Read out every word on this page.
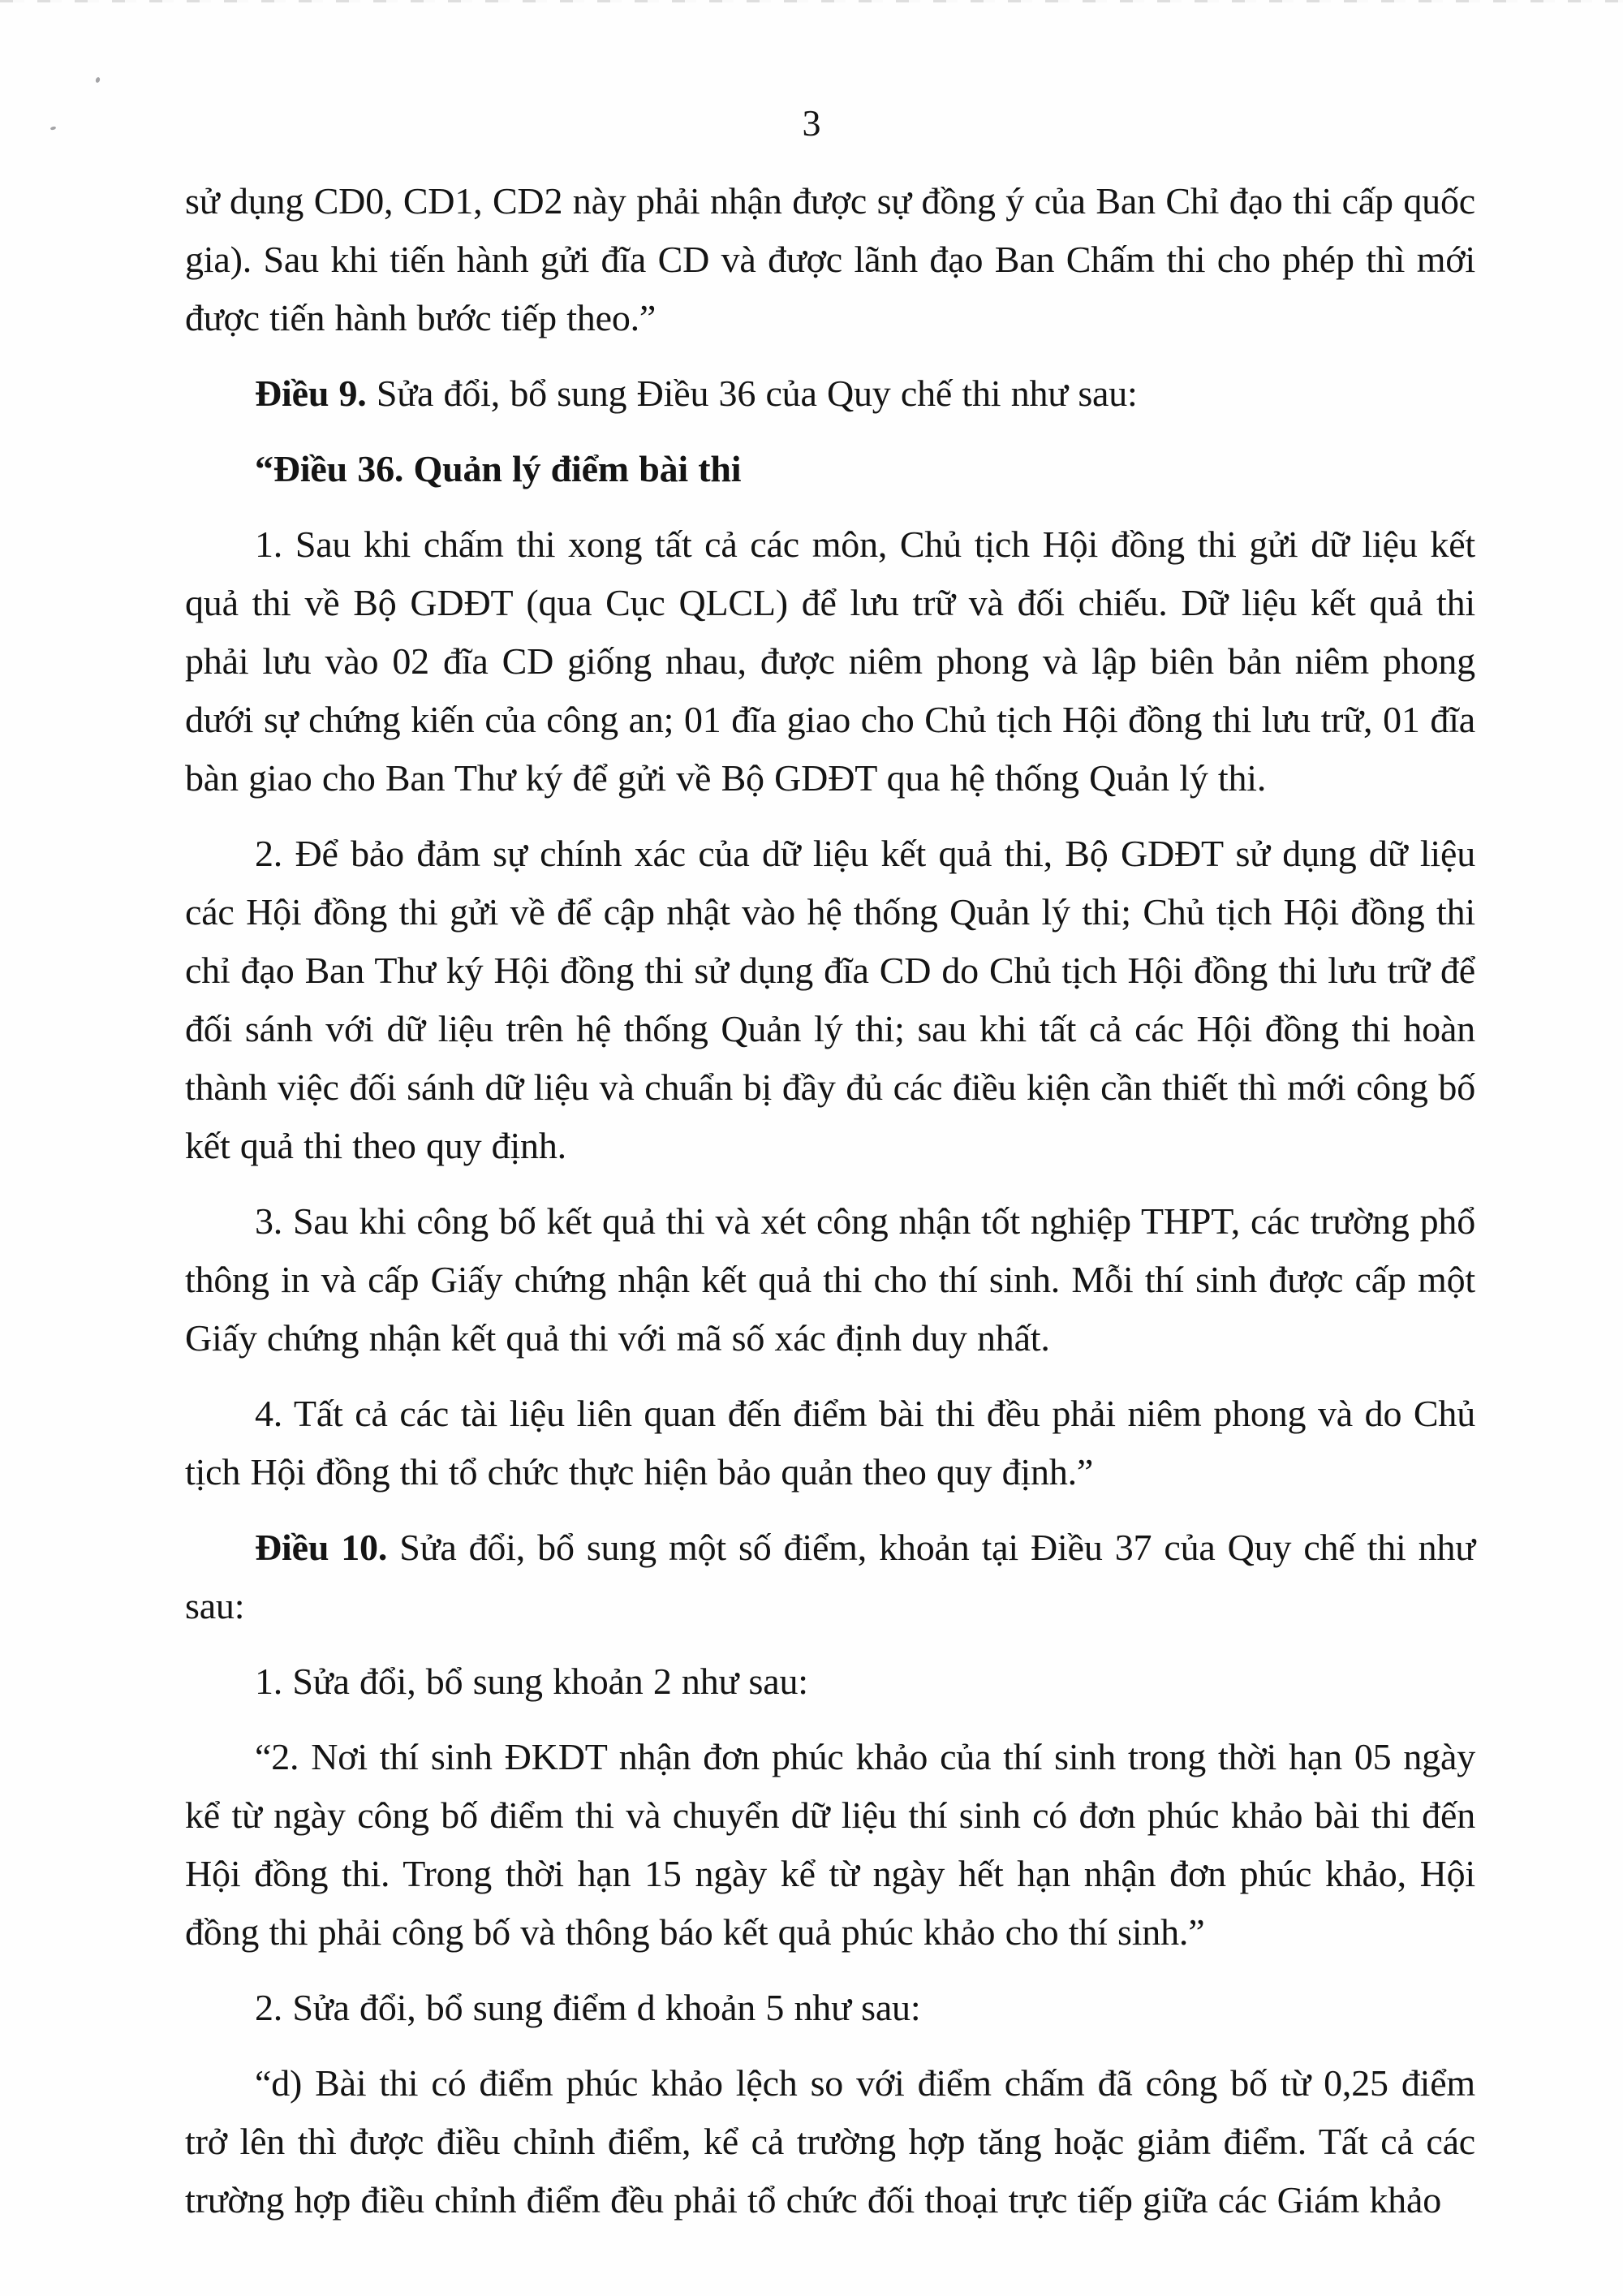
3

sử dụng CD0, CD1, CD2 này phải nhận được sự đồng ý của Ban Chỉ đạo thi cấp quốc gia). Sau khi tiến hành gửi đĩa CD và được lãnh đạo Ban Chấm thi cho phép thì mới được tiến hành bước tiếp theo.”

Điều 9. Sửa đổi, bổ sung Điều 36 của Quy chế thi như sau:

“Điều 36. Quản lý điểm bài thi

1. Sau khi chấm thi xong tất cả các môn, Chủ tịch Hội đồng thi gửi dữ liệu kết quả thi về Bộ GDĐT (qua Cục QLCL) để lưu trữ và đối chiếu. Dữ liệu kết quả thi phải lưu vào 02 đĩa CD giống nhau, được niêm phong và lập biên bản niêm phong dưới sự chứng kiến của công an; 01 đĩa giao cho Chủ tịch Hội đồng thi lưu trữ, 01 đĩa bàn giao cho Ban Thư ký để gửi về Bộ GDĐT qua hệ thống Quản lý thi.

2. Để bảo đảm sự chính xác của dữ liệu kết quả thi, Bộ GDĐT sử dụng dữ liệu các Hội đồng thi gửi về để cập nhật vào hệ thống Quản lý thi; Chủ tịch Hội đồng thi chỉ đạo Ban Thư ký Hội đồng thi sử dụng đĩa CD do Chủ tịch Hội đồng thi lưu trữ để đối sánh với dữ liệu trên hệ thống Quản lý thi; sau khi tất cả các Hội đồng thi hoàn thành việc đối sánh dữ liệu và chuẩn bị đầy đủ các điều kiện cần thiết thì mới công bố kết quả thi theo quy định.

3. Sau khi công bố kết quả thi và xét công nhận tốt nghiệp THPT, các trường phổ thông in và cấp Giấy chứng nhận kết quả thi cho thí sinh. Mỗi thí sinh được cấp một Giấy chứng nhận kết quả thi với mã số xác định duy nhất.

4. Tất cả các tài liệu liên quan đến điểm bài thi đều phải niêm phong và do Chủ tịch Hội đồng thi tổ chức thực hiện bảo quản theo quy định.”

Điều 10. Sửa đổi, bổ sung một số điểm, khoản tại Điều 37 của Quy chế thi như sau:

1. Sửa đổi, bổ sung khoản 2 như sau:

“2. Nơi thí sinh ĐKDT nhận đơn phúc khảo của thí sinh trong thời hạn 05 ngày kể từ ngày công bố điểm thi và chuyển dữ liệu thí sinh có đơn phúc khảo bài thi đến Hội đồng thi. Trong thời hạn 15 ngày kể từ ngày hết hạn nhận đơn phúc khảo, Hội đồng thi phải công bố và thông báo kết quả phúc khảo cho thí sinh.”

2. Sửa đổi, bổ sung điểm d khoản 5 như sau:

“d) Bài thi có điểm phúc khảo lệch so với điểm chấm đã công bố từ 0,25 điểm trở lên thì được điều chỉnh điểm, kể cả trường hợp tăng hoặc giảm điểm. Tất cả các trường hợp điều chỉnh điểm đều phải tổ chức đối thoại trực tiếp giữa các Giám khảo
